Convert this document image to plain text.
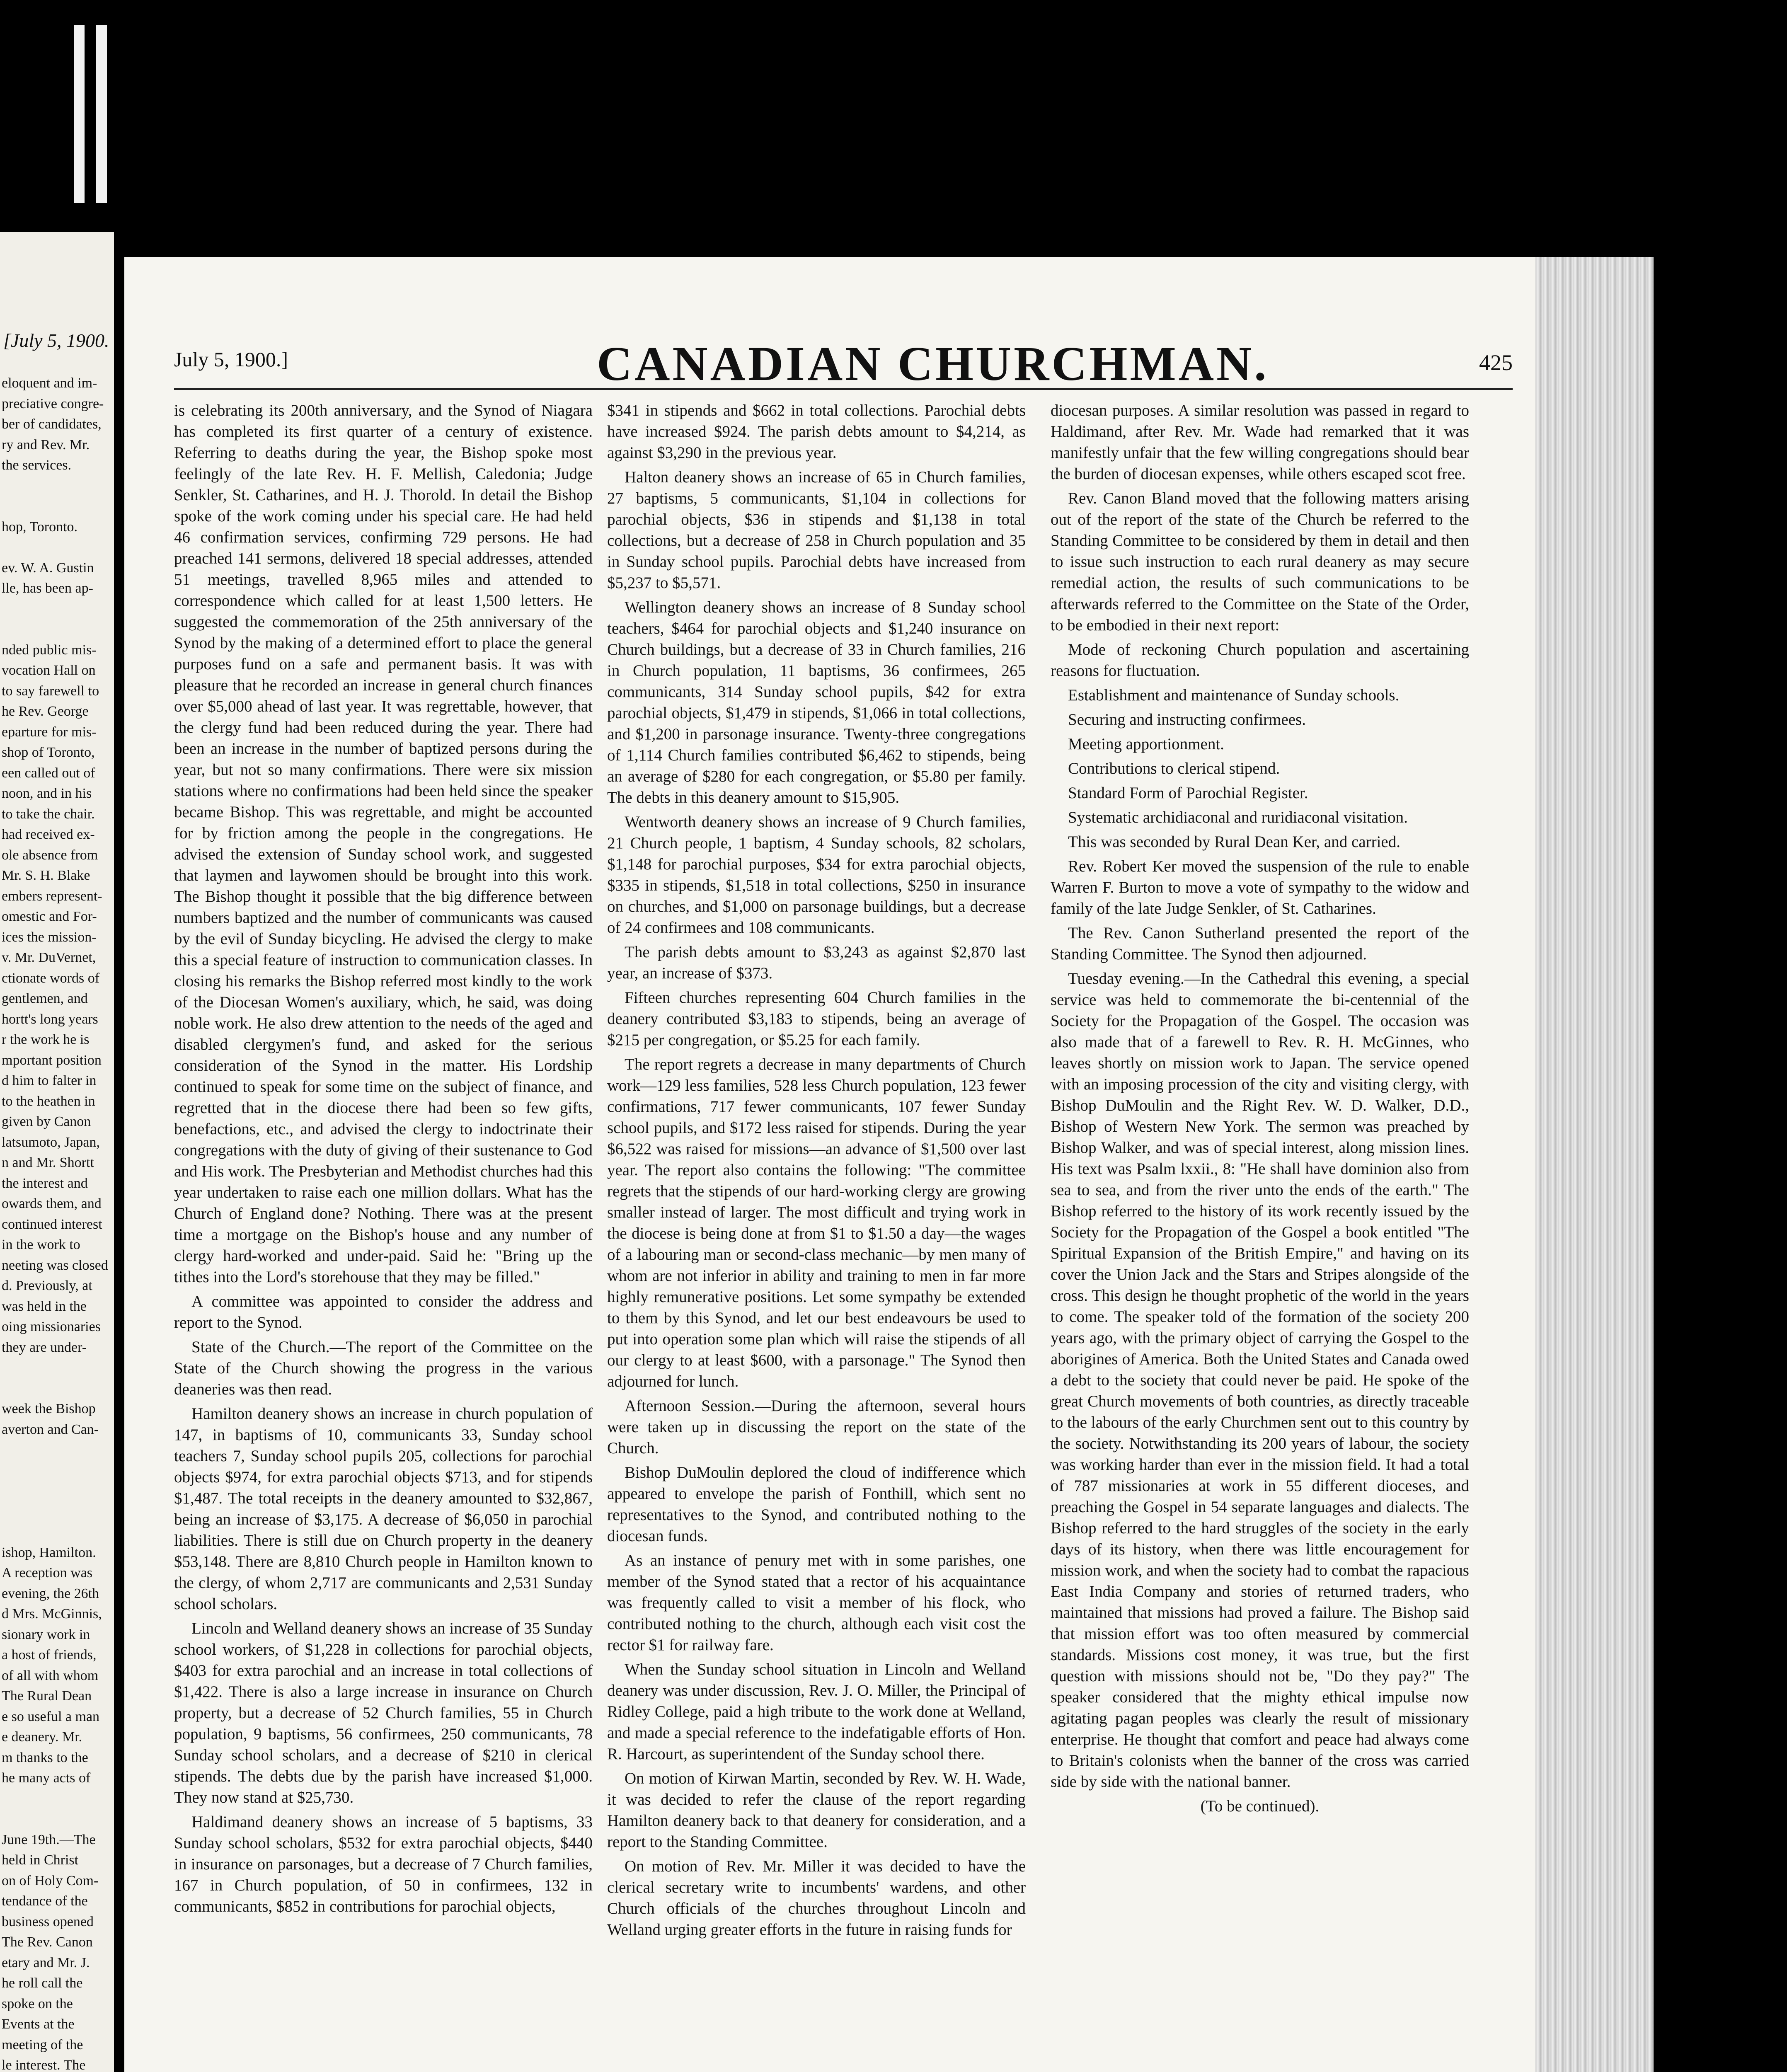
[July 5, 1900.
eloquent and im-
preciative congre-
ber of candidates,
ry and Rev. Mr.
the services.

hop, Toronto.

ev. W. A. Gustin
lle, has been ap-

nded public mis-
vocation Hall on
to say farewell to
he Rev. George
eparture for mis-
shop of Toronto,
een called out of
noon, and in his
to take the chair.
had received ex-
ole absence from
Mr. S. H. Blake
embers represent-
omestic and For-
ices the mission-
v. Mr. DuVernet,
ctionate words of
gentlemen, and
hortt's long years
r the work he is
mportant position
d him to falter in
to the heathen in
given by Canon
latsumoto, Japan,
n and Mr. Shortt
the interest and
owards them, and
continued interest
in the work to
neeting was closed
d. Previously, at
was held in the
oing missionaries
they are under-

week the Bishop
averton and Can-

ishop, Hamilton.
A reception was
evening, the 26th
d Mrs. McGinnis,
sionary work in
a host of friends,
of all with whom
The Rural Dean
e so useful a man
e deanery. Mr.
m thanks to the
he many acts of

June 19th.—The
held in Christ
on of Holy Com-
tendance of the
business opened
The Rev. Canon
etary and Mr. J.
he roll call the
spoke on the
Events at the
meeting of the
le interest. The
July 5, 1900.]	CANADIAN CHURCHMAN.	425

is celebrating its 200th anniversary, and the Synod of Niagara has completed its first quarter of a century of existence. Referring to deaths during the year, the Bishop spoke most feelingly of the late Rev. H. F. Mellish, Caledonia; Judge Senkler, St. Catharines, and H. J. Thorold. In detail the Bishop spoke of the work coming under his special care. He had held 46 confirmation services, confirming 729 persons. He had preached 141 sermons, delivered 18 special addresses, attended 51 meetings, travelled 8,965 miles and attended to correspondence which called for at least 1,500 letters. He suggested the commemoration of the 25th anniversary of the Synod by the making of a determined effort to place the general purposes fund on a safe and permanent basis. It was with pleasure that he recorded an increase in general church finances over $5,000 ahead of last year. It was regrettable, however, that the clergy fund had been reduced during the year. There had been an increase in the number of baptized persons during the year, but not so many confirmations. There were six mission stations where no confirmations had been held since the speaker became Bishop. This was regrettable, and might be accounted for by friction among the people in the congregations. He advised the extension of Sunday school work, and suggested that laymen and laywomen should be brought into this work. The Bishop thought it possible that the big difference between numbers baptized and the number of communicants was caused by the evil of Sunday bicycling. He advised the clergy to make this a special feature of instruction to communication classes. In closing his remarks the Bishop referred most kindly to the work of the Diocesan Women's auxiliary, which, he said, was doing noble work. He also drew attention to the needs of the aged and disabled clergymen's fund, and asked for the serious consideration of the Synod in the matter. His Lordship continued to speak for some time on the subject of finance, and regretted that in the diocese there had been so few gifts, benefactions, etc., and advised the clergy to indoctrinate their congregations with the duty of giving of their sustenance to God and His work. The Presbyterian and Methodist churches had this year undertaken to raise each one million dollars. What has the Church of England done? Nothing. There was at the present time a mortgage on the Bishop's house and any number of clergy hard-worked and under-paid. Said he: "Bring up the tithes into the Lord's storehouse that they may be filled."

A committee was appointed to consider the address and report to the Synod.

State of the Church.—The report of the Committee on the State of the Church showing the progress in the various deaneries was then read.

Hamilton deanery shows an increase in church population of 147, in baptisms of 10, communicants 33, Sunday school teachers 7, Sunday school pupils 205, collections for parochial objects $974, for extra parochial objects $713, and for stipends $1,487. The total receipts in the deanery amounted to $32,867, being an increase of $3,175. A decrease of $6,050 in parochial liabilities. There is still due on Church property in the deanery $53,148. There are 8,810 Church people in Hamilton known to the clergy, of whom 2,717 are communicants and 2,531 Sunday school scholars.

Lincoln and Welland deanery shows an increase of 35 Sunday school workers, of $1,228 in collections for parochial objects, $403 for extra parochial and an increase in total collections of $1,422. There is also a large increase in insurance on Church property, but a decrease of 52 Church families, 55 in Church population, 9 baptisms, 56 confirmees, 250 communicants, 78 Sunday school scholars, and a decrease of $210 in clerical stipends. The debts due by the parish have increased $1,000. They now stand at $25,730.

Haldimand deanery shows an increase of 5 baptisms, 33 Sunday school scholars, $532 for extra parochial objects, $440 in insurance on parsonages, but a decrease of 7 Church families, 167 in Church population, of 50 in confirmees, 132 in communicants, $852 in contributions for parochial objects,

$341 in stipends and $662 in total collections. Parochial debts have increased $924. The parish debts amount to $4,214, as against $3,290 in the previous year.

Halton deanery shows an increase of 65 in Church families, 27 baptisms, 5 communicants, $1,104 in collections for parochial objects, $36 in stipends and $1,138 in total collections, but a decrease of 258 in Church population and 35 in Sunday school pupils. Parochial debts have increased from $5,237 to $5,571.

Wellington deanery shows an increase of 8 Sunday school teachers, $464 for parochial objects and $1,240 insurance on Church buildings, but a decrease of 33 in Church families, 216 in Church population, 11 baptisms, 36 confirmees, 265 communicants, 314 Sunday school pupils, $42 for extra parochial objects, $1,479 in stipends, $1,066 in total collections, and $1,200 in parsonage insurance. Twenty-three congregations of 1,114 Church families contributed $6,462 to stipends, being an average of $280 for each congregation, or $5.80 per family. The debts in this deanery amount to $15,905.

Wentworth deanery shows an increase of 9 Church families, 21 Church people, 1 baptism, 4 Sunday schools, 82 scholars, $1,148 for parochial purposes, $34 for extra parochial objects, $335 in stipends, $1,518 in total collections, $250 in insurance on churches, and $1,000 on parsonage buildings, but a decrease of 24 confirmees and 108 communicants.

The parish debts amount to $3,243 as against $2,870 last year, an increase of $373.

Fifteen churches representing 604 Church families in the deanery contributed $3,183 to stipends, being an average of $215 per congregation, or $5.25 for each family.

The report regrets a decrease in many departments of Church work—129 less families, 528 less Church population, 123 fewer confirmations, 717 fewer communicants, 107 fewer Sunday school pupils, and $172 less raised for stipends. During the year $6,522 was raised for missions—an advance of $1,500 over last year. The report also contains the following: "The committee regrets that the stipends of our hard-working clergy are growing smaller instead of larger. The most difficult and trying work in the diocese is being done at from $1 to $1.50 a day—the wages of a labouring man or second-class mechanic—by men many of whom are not inferior in ability and training to men in far more highly remunerative positions. Let some sympathy be extended to them by this Synod, and let our best endeavours be used to put into operation some plan which will raise the stipends of all our clergy to at least $600, with a parsonage." The Synod then adjourned for lunch.

Afternoon Session.—During the afternoon, several hours were taken up in discussing the report on the state of the Church.

Bishop DuMoulin deplored the cloud of indifference which appeared to envelope the parish of Fonthill, which sent no representatives to the Synod, and contributed nothing to the diocesan funds.

As an instance of penury met with in some parishes, one member of the Synod stated that a rector of his acquaintance was frequently called to visit a member of his flock, who contributed nothing to the church, although each visit cost the rector $1 for railway fare.

When the Sunday school situation in Lincoln and Welland deanery was under discussion, Rev. J. O. Miller, the Principal of Ridley College, paid a high tribute to the work done at Welland, and made a special reference to the indefatigable efforts of Hon. R. Harcourt, as superintendent of the Sunday school there.

On motion of Kirwan Martin, seconded by Rev. W. H. Wade, it was decided to refer the clause of the report regarding Hamilton deanery back to that deanery for consideration, and a report to the Standing Committee.

On motion of Rev. Mr. Miller it was decided to have the clerical secretary write to incumbents' wardens, and other Church officials of the churches throughout Lincoln and Welland urging greater efforts in the future in raising funds for

diocesan purposes. A similar resolution was passed in regard to Haldimand, after Rev. Mr. Wade had remarked that it was manifestly unfair that the few willing congregations should bear the burden of diocesan expenses, while others escaped scot free.

Rev. Canon Bland moved that the following matters arising out of the report of the state of the Church be referred to the Standing Committee to be considered by them in detail and then to issue such instruction to each rural deanery as may secure remedial action, the results of such communications to be afterwards referred to the Committee on the State of the Order, to be embodied in their next report:

Mode of reckoning Church population and ascertaining reasons for fluctuation.

Establishment and maintenance of Sunday schools.

Securing and instructing confirmees.

Meeting apportionment.

Contributions to clerical stipend.

Standard Form of Parochial Register.

Systematic archidiaconal and ruridiaconal visitation.

This was seconded by Rural Dean Ker, and carried.

Rev. Robert Ker moved the suspension of the rule to enable Warren F. Burton to move a vote of sympathy to the widow and family of the late Judge Senkler, of St. Catharines.

The Rev. Canon Sutherland presented the report of the Standing Committee. The Synod then adjourned.

Tuesday evening.—In the Cathedral this evening, a special service was held to commemorate the bi-centennial of the Society for the Propagation of the Gospel. The occasion was also made that of a farewell to Rev. R. H. McGinnes, who leaves shortly on mission work to Japan. The service opened with an imposing procession of the city and visiting clergy, with Bishop DuMoulin and the Right Rev. W. D. Walker, D.D., Bishop of Western New York. The sermon was preached by Bishop Walker, and was of special interest, along mission lines. His text was Psalm lxxii., 8: "He shall have dominion also from sea to sea, and from the river unto the ends of the earth." The Bishop referred to the history of its work recently issued by the Society for the Propagation of the Gospel a book entitled "The Spiritual Expansion of the British Empire," and having on its cover the Union Jack and the Stars and Stripes alongside of the cross. This design he thought prophetic of the world in the years to come. The speaker told of the formation of the society 200 years ago, with the primary object of carrying the Gospel to the aborigines of America. Both the United States and Canada owed a debt to the society that could never be paid. He spoke of the great Church movements of both countries, as directly traceable to the labours of the early Churchmen sent out to this country by the society. Notwithstanding its 200 years of labour, the society was working harder than ever in the mission field. It had a total of 787 missionaries at work in 55 different dioceses, and preaching the Gospel in 54 separate languages and dialects. The Bishop referred to the hard struggles of the society in the early days of its history, when there was little encouragement for mission work, and when the society had to combat the rapacious East India Company and stories of returned traders, who maintained that missions had proved a failure. The Bishop said that mission effort was too often measured by commercial standards. Missions cost money, it was true, but the first question with missions should not be, "Do they pay?" The speaker considered that the mighty ethical impulse now agitating pagan peoples was clearly the result of missionary enterprise. He thought that comfort and peace had always come to Britain's colonists when the banner of the cross was carried side by side with the national banner.

(To be continued).
